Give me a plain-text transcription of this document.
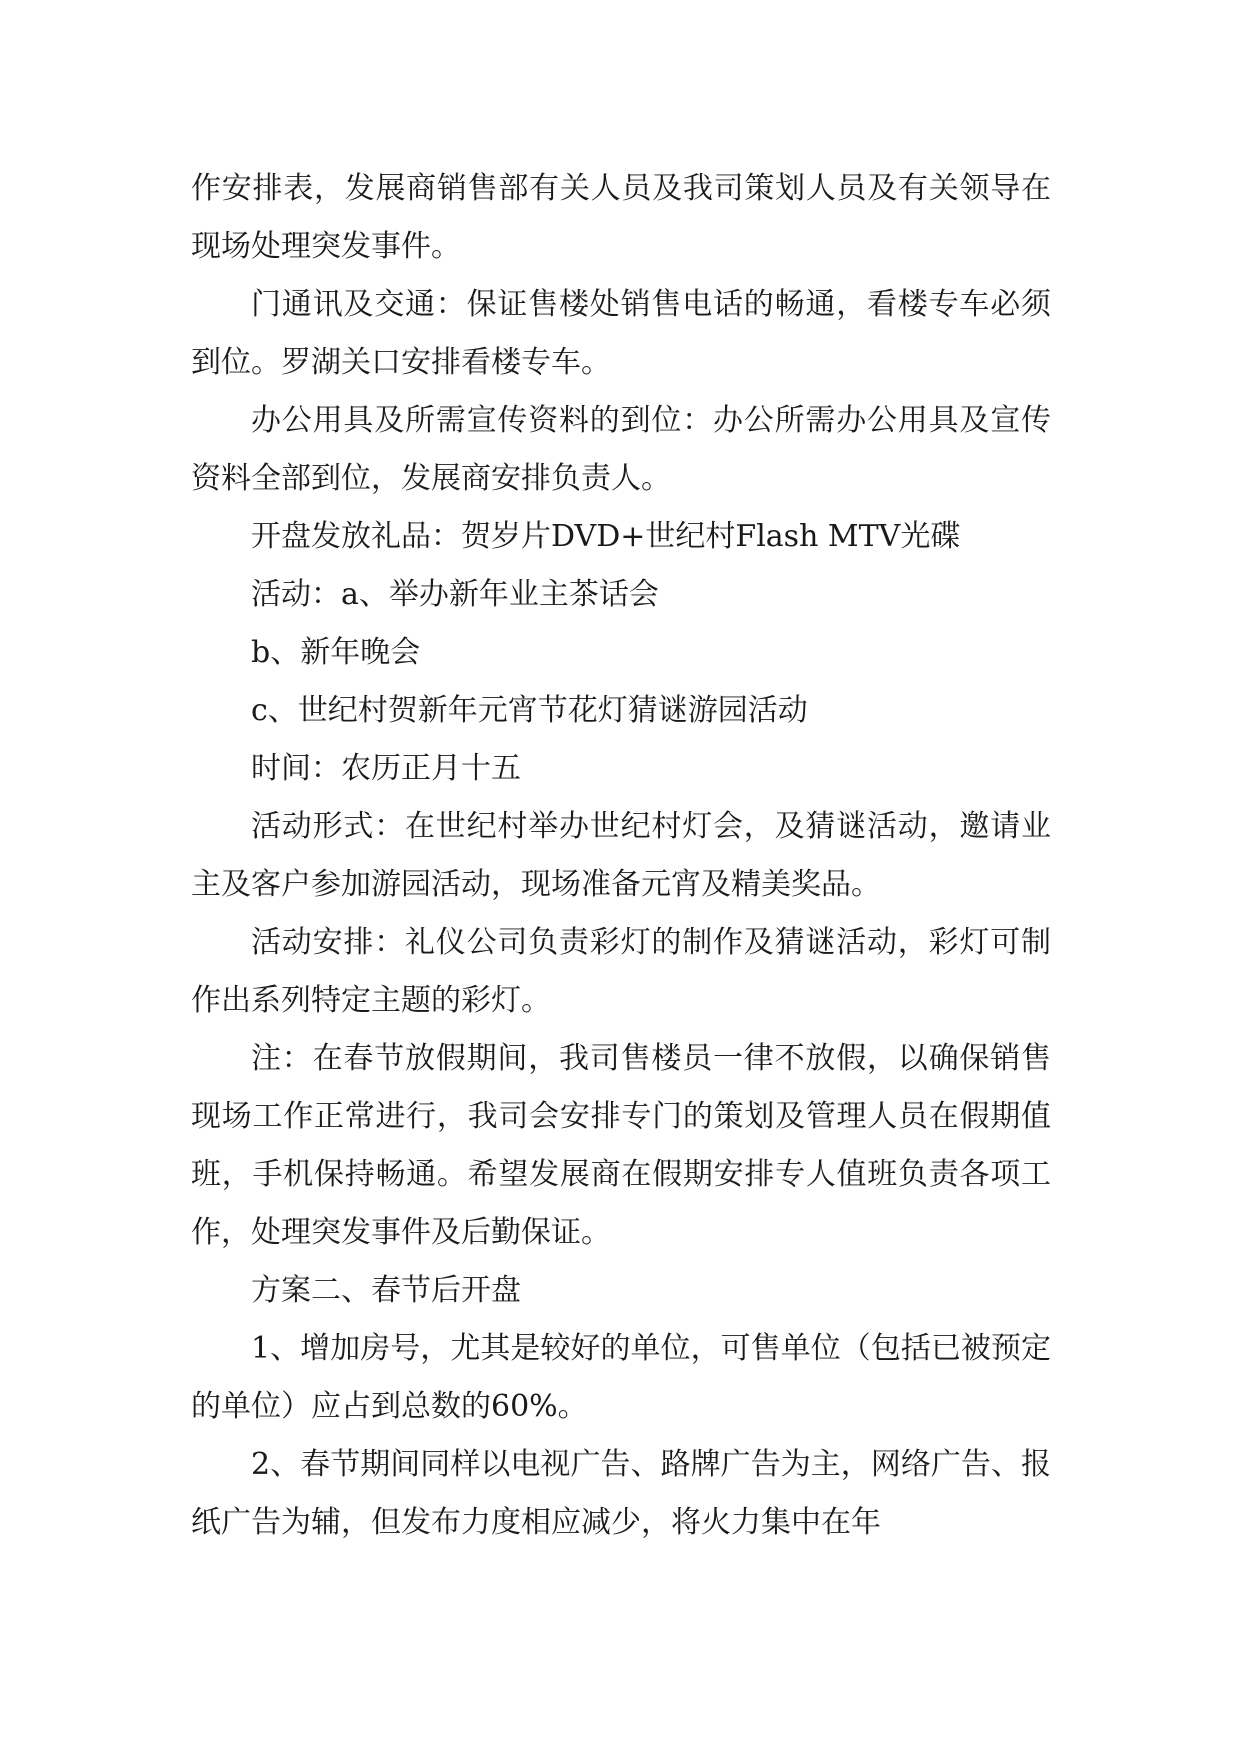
作安排表，发展商销售部有关人员及我司策划人员及有关领导在现场处理突发事件。

门通讯及交通：保证售楼处销售电话的畅通，看楼专车必须到位。罗湖关口安排看楼专车。

办公用具及所需宣传资料的到位：办公所需办公用具及宣传资料全部到位，发展商安排负责人。

开盘发放礼品：贺岁片DVD+世纪村Flash MTV光碟

活动：a、举办新年业主茶话会

b、新年晚会

c、世纪村贺新年元宵节花灯猜谜游园活动

时间：农历正月十五

活动形式：在世纪村举办世纪村灯会，及猜谜活动，邀请业主及客户参加游园活动，现场准备元宵及精美奖品。

活动安排：礼仪公司负责彩灯的制作及猜谜活动，彩灯可制作出系列特定主题的彩灯。

注：在春节放假期间，我司售楼员一律不放假，以确保销售现场工作正常进行，我司会安排专门的策划及管理人员在假期值班，手机保持畅通。希望发展商在假期安排专人值班负责各项工作，处理突发事件及后勤保证。

方案二、春节后开盘

1、增加房号，尤其是较好的单位，可售单位（包括已被预定的单位）应占到总数的60%。

2、春节期间同样以电视广告、路牌广告为主，网络广告、报纸广告为辅，但发布力度相应减少，将火力集中在年
